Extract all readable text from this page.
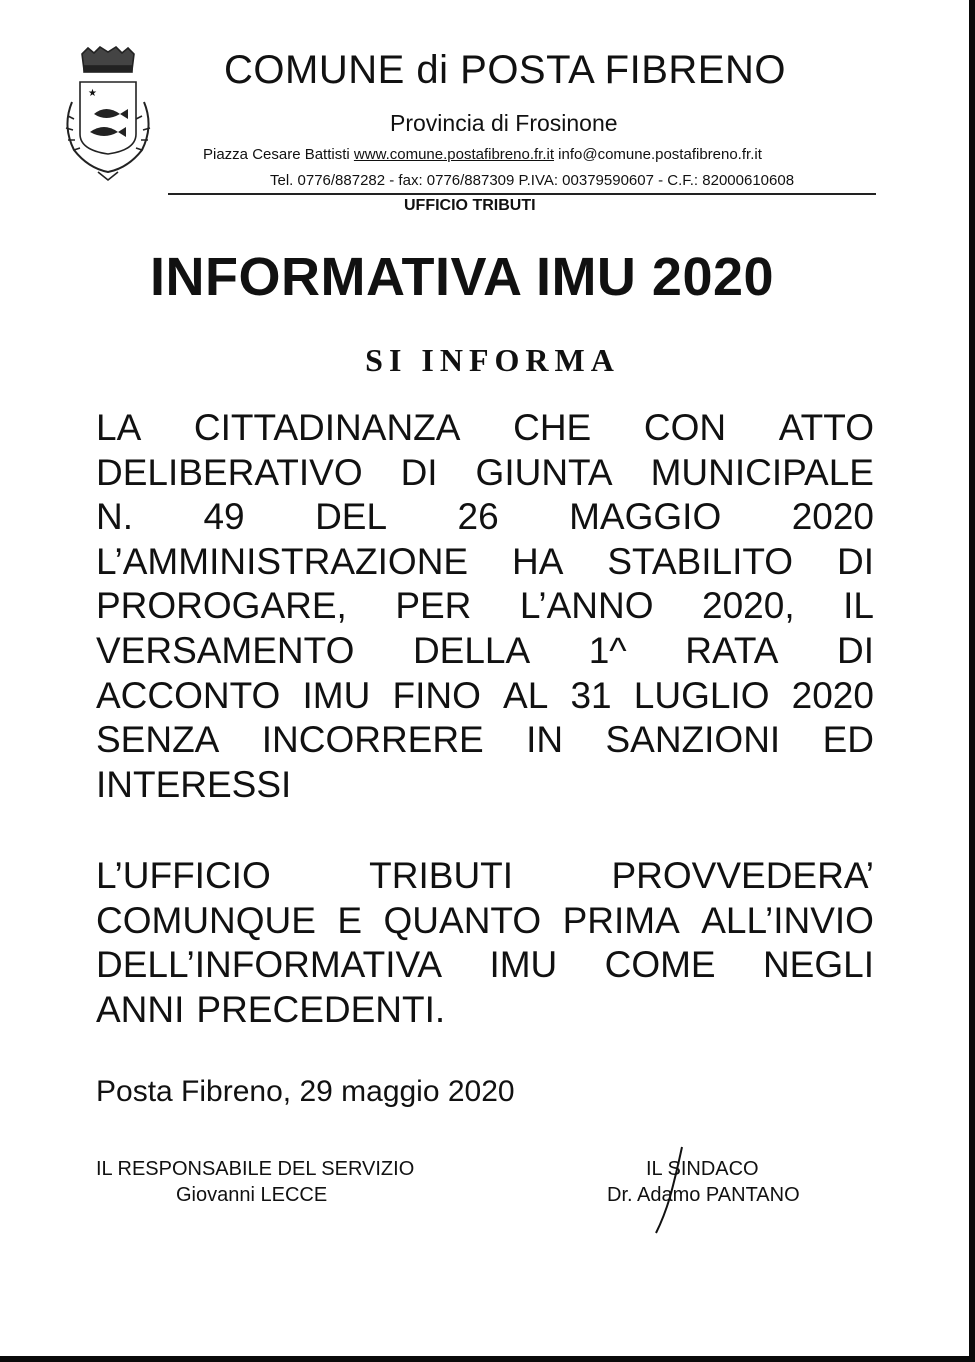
★
COMUNE di POSTA FIBRENO
Provincia di Frosinone
Piazza Cesare Battisti www.comune.postafibreno.fr.it info@comune.postafibreno.fr.it
Tel. 0776/887282 - fax: 0776/887309 P.IVA: 00379590607 - C.F.: 82000610608
UFFICIO TRIBUTI
INFORMATIVA IMU 2020
SI INFORMA
LA CITTADINANZA CHE CON ATTO
DELIBERATIVO DI GIUNTA MUNICIPALE
N. 49 DEL 26 MAGGIO 2020
L’AMMINISTRAZIONE HA STABILITO DI
PROROGARE, PER L’ANNO 2020, IL
VERSAMENTO DELLA 1^ RATA DI
ACCONTO IMU FINO AL 31 LUGLIO 2020
SENZA INCORRERE IN SANZIONI ED
INTERESSI
L’UFFICIO	TRIBUTI	PROVVEDERA’
COMUNQUE E QUANTO PRIMA ALL’INVIO
DELL’INFORMATIVA IMU COME NEGLI
ANNI PRECEDENTI.
Posta Fibreno, 29 maggio 2020
IL RESPONSABILE DEL SERVIZIO
Giovanni LECCE
IL SINDACO
Dr. Adamo PANTANO
